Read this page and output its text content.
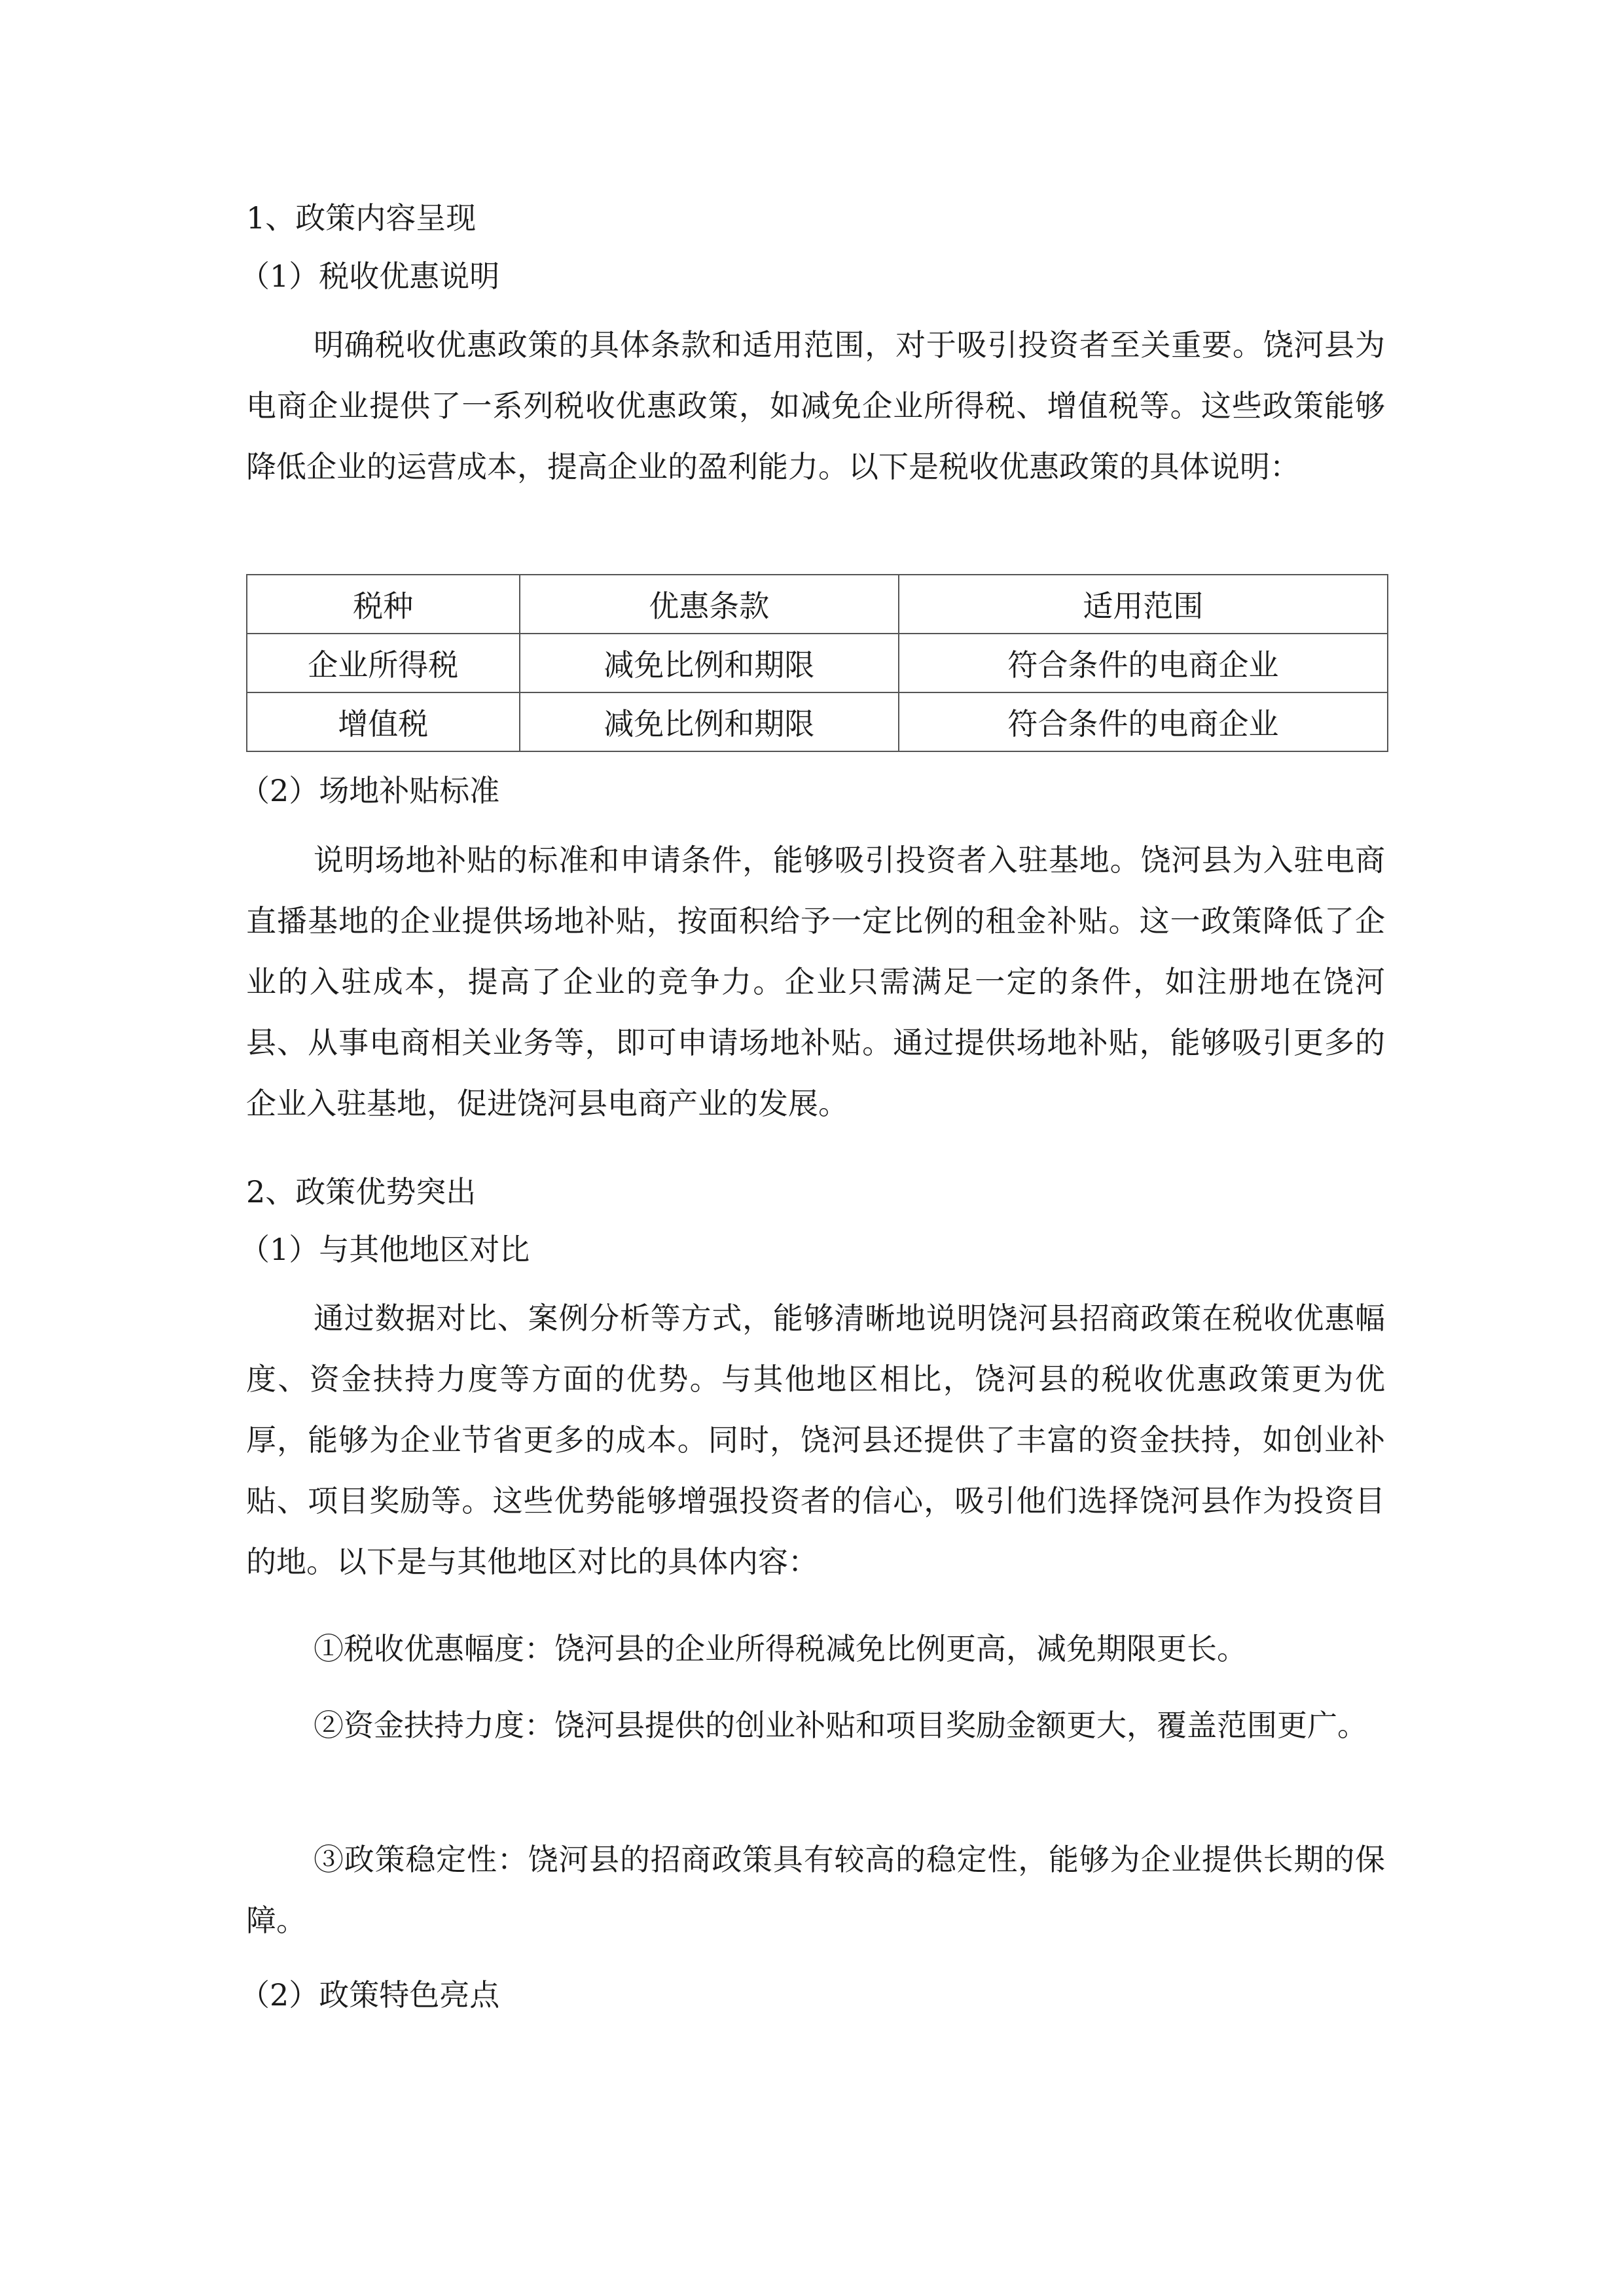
1、政策内容呈现
（1）税收优惠说明
明确税收优惠政策的具体条款和适用范围，对于吸引投资者至关重要。饶河县为电商企业提供了一系列税收优惠政策，如减免企业所得税、增值税等。这些政策能够降低企业的运营成本，提高企业的盈利能力。以下是税收优惠政策的具体说明：
税种	优惠条款	适用范围
企业所得税	减免比例和期限	符合条件的电商企业
增值税	减免比例和期限	符合条件的电商企业
（2）场地补贴标准
说明场地补贴的标准和申请条件，能够吸引投资者入驻基地。饶河县为入驻电商直播基地的企业提供场地补贴，按面积给予一定比例的租金补贴。这一政策降低了企业的入驻成本，提高了企业的竞争力。企业只需满足一定的条件，如注册地在饶河县、从事电商相关业务等，即可申请场地补贴。通过提供场地补贴，能够吸引更多的企业入驻基地，促进饶河县电商产业的发展。
2、政策优势突出
（1）与其他地区对比
通过数据对比、案例分析等方式，能够清晰地说明饶河县招商政策在税收优惠幅度、资金扶持力度等方面的优势。与其他地区相比，饶河县的税收优惠政策更为优厚，能够为企业节省更多的成本。同时，饶河县还提供了丰富的资金扶持，如创业补贴、项目奖励等。这些优势能够增强投资者的信心，吸引他们选择饶河县作为投资目的地。以下是与其他地区对比的具体内容：
①税收优惠幅度：饶河县的企业所得税减免比例更高，减免期限更长。
②资金扶持力度：饶河县提供的创业补贴和项目奖励金额更大，覆盖范围更广。
③政策稳定性：饶河县的招商政策具有较高的稳定性，能够为企业提供长期的保障。
（2）政策特色亮点
